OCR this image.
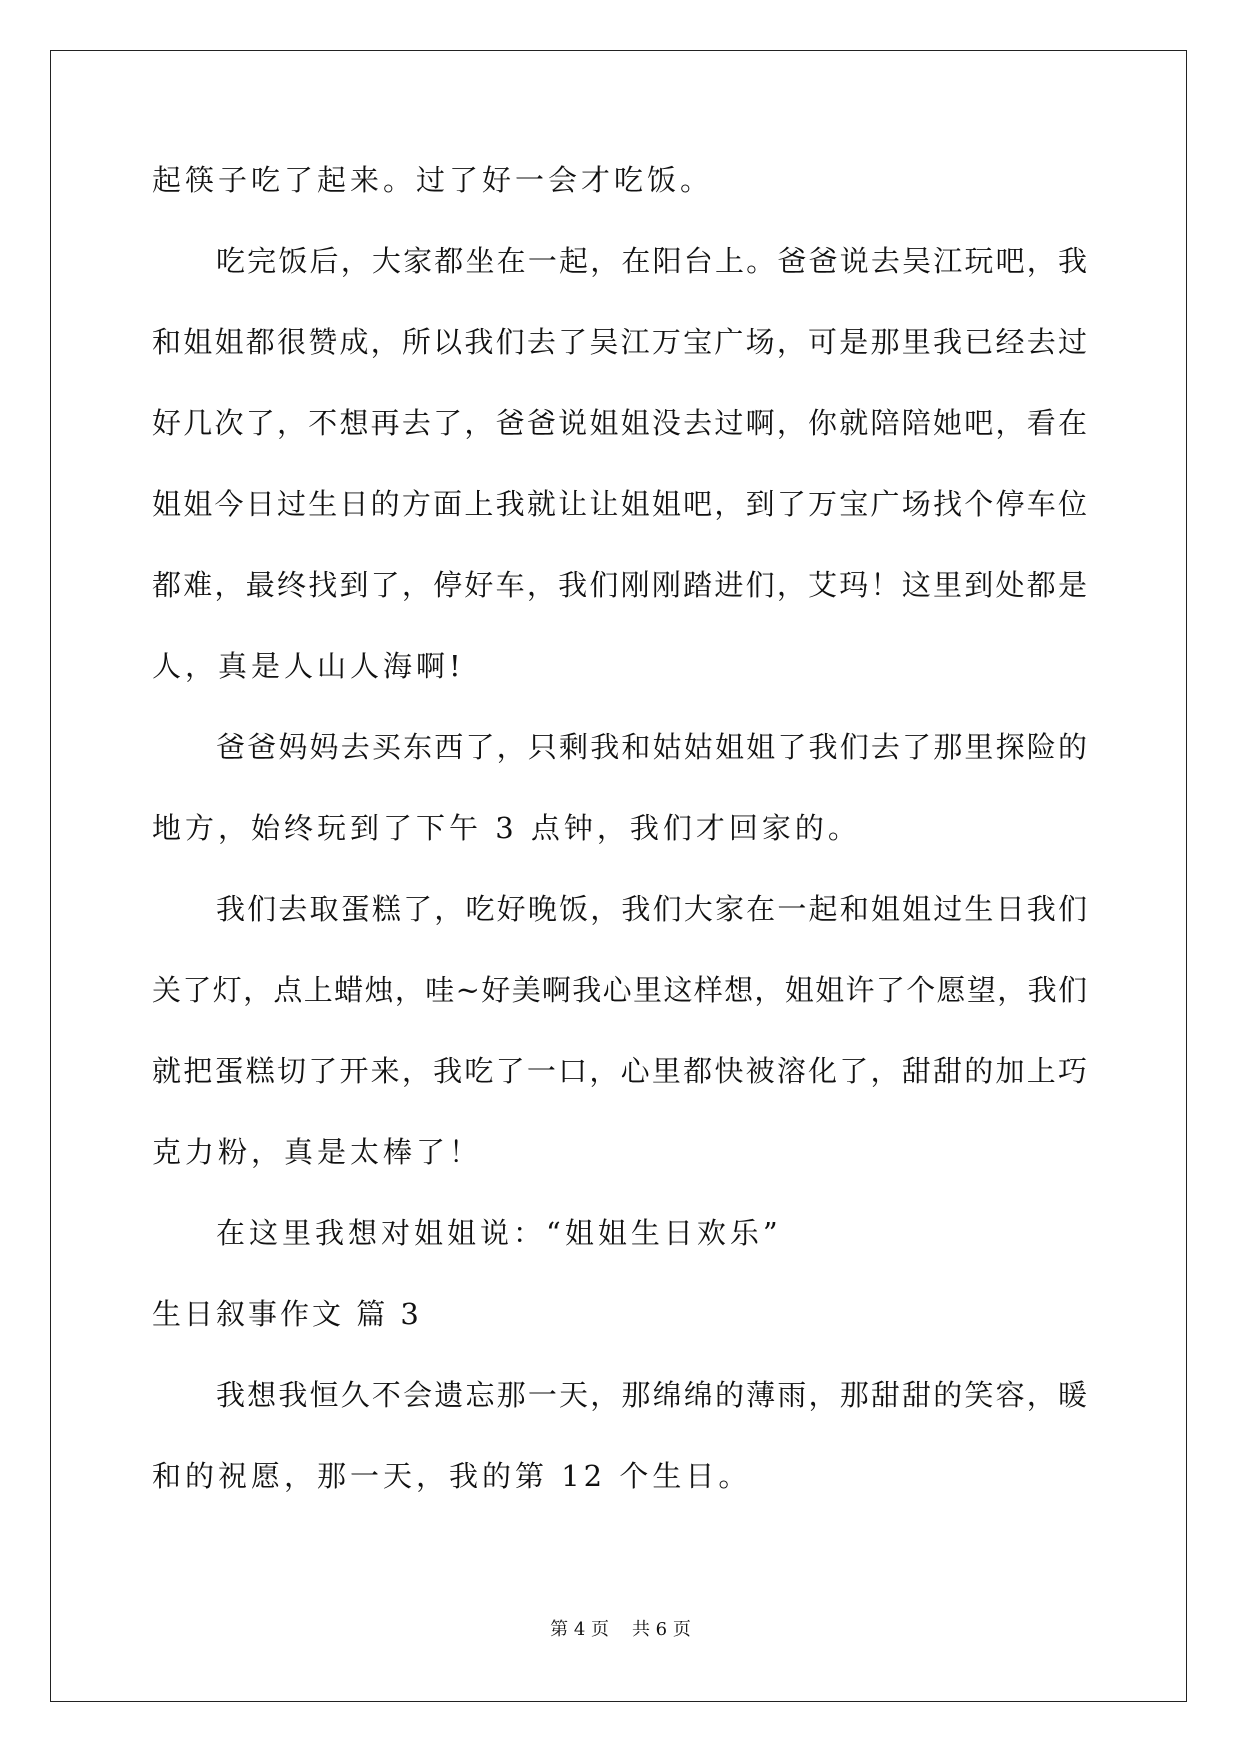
起筷子吃了起来。过了好一会才吃饭。
吃完饭后，大家都坐在一起，在阳台上。爸爸说去吴江玩吧，我
和姐姐都很赞成，所以我们去了吴江万宝广场，可是那里我已经去过
好几次了，不想再去了，爸爸说姐姐没去过啊，你就陪陪她吧，看在
姐姐今日过生日的方面上我就让让姐姐吧，到了万宝广场找个停车位
都难，最终找到了，停好车，我们刚刚踏进们，艾玛！这里到处都是
人，真是人山人海啊!
爸爸妈妈去买东西了，只剩我和姑姑姐姐了我们去了那里探险的
地方，始终玩到了下午 3 点钟，我们才回家的。
我们去取蛋糕了，吃好晚饭，我们大家在一起和姐姐过生日我们
关了灯，点上蜡烛，哇~好美啊我心里这样想，姐姐许了个愿望，我们
就把蛋糕切了开来，我吃了一口，心里都快被溶化了，甜甜的加上巧
克力粉，真是太棒了！
在这里我想对姐姐说：“姐姐生日欢乐”
生日叙事作文 篇 3
我想我恒久不会遗忘那一天，那绵绵的薄雨，那甜甜的笑容，暖
和的祝愿，那一天，我的第 12 个生日。
第 4 页    共 6 页
